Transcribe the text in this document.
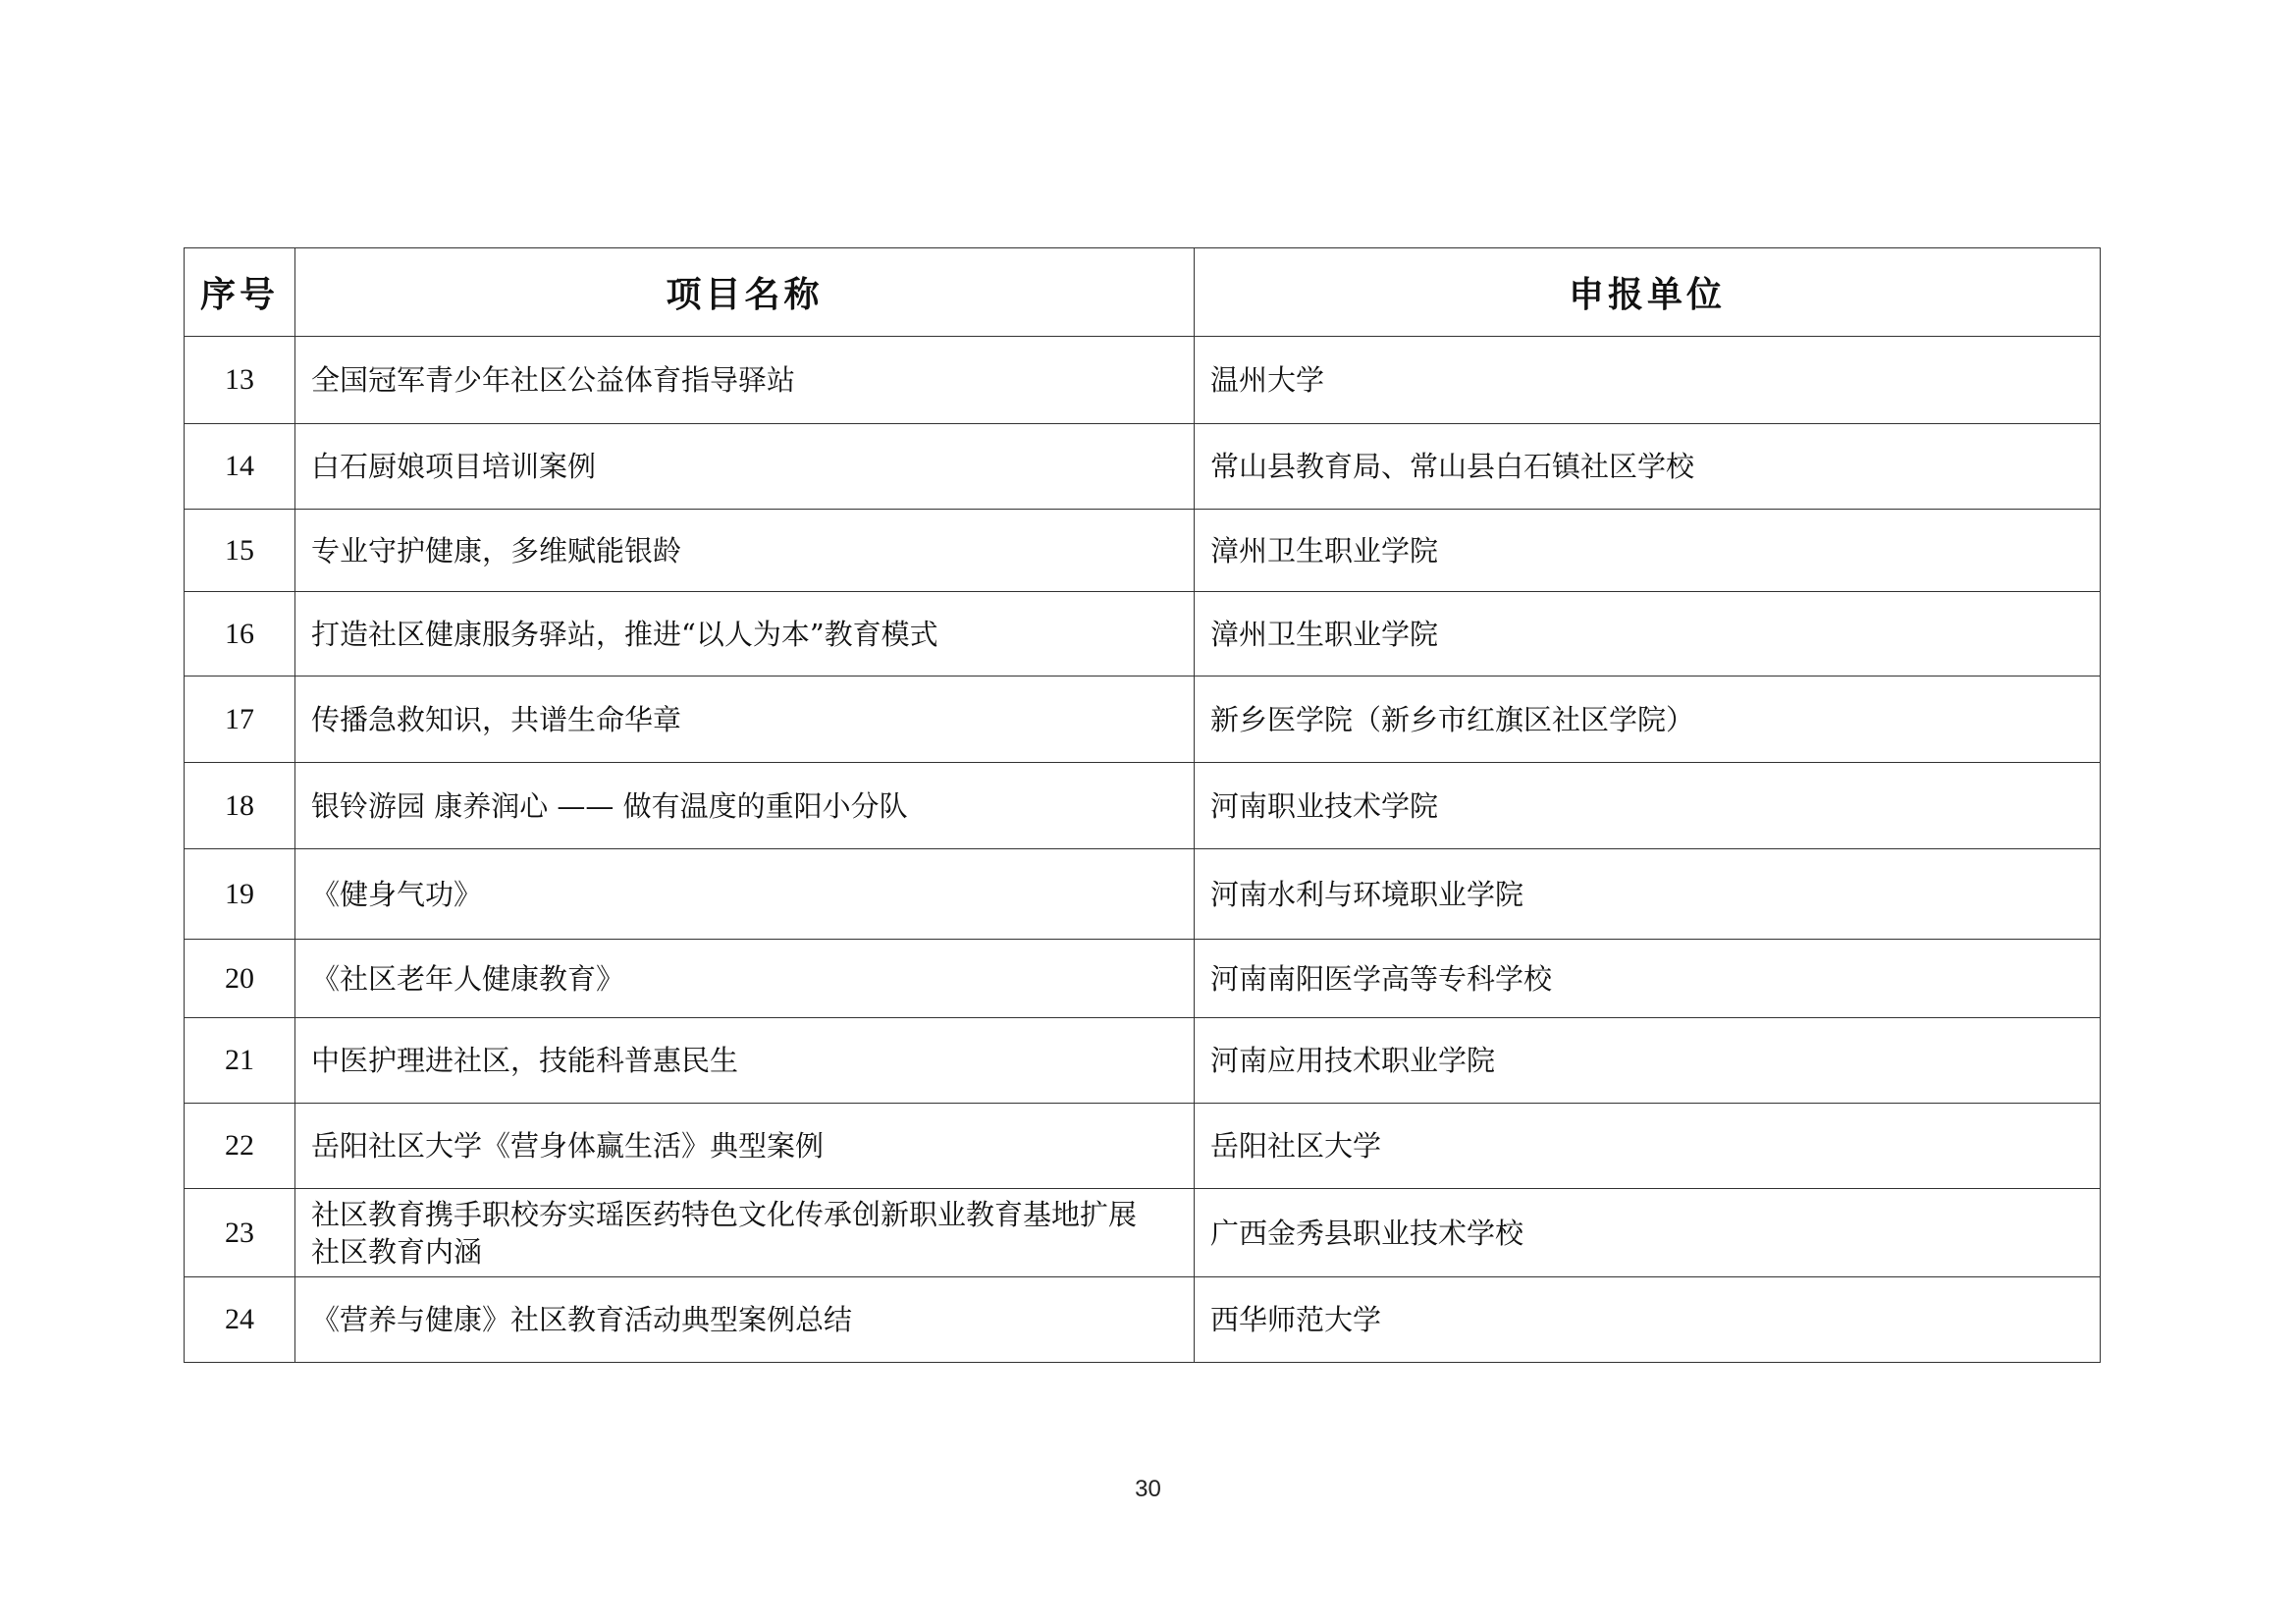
序号	项目名称	申报单位
13	全国冠军青少年社区公益体育指导驿站	温州大学
14	白石厨娘项目培训案例	常山县教育局、常山县白石镇社区学校
15	专业守护健康，多维赋能银龄	漳州卫生职业学院
16	打造社区健康服务驿站，推进“以人为本”教育模式	漳州卫生职业学院
17	传播急救知识，共谱生命华章	新乡医学院（新乡市红旗区社区学院）
18	银铃游园 康养润心 —— 做有温度的重阳小分队	河南职业技术学院
19	《健身气功》	河南水利与环境职业学院
20	《社区老年人健康教育》	河南南阳医学高等专科学校
21	中医护理进社区，技能科普惠民生	河南应用技术职业学院
22	岳阳社区大学《营身体赢生活》典型案例	岳阳社区大学
23	社区教育携手职校夯实瑶医药特色文化传承创新职业教育基地扩展社区教育内涵	广西金秀县职业技术学校
24	《营养与健康》社区教育活动典型案例总结	西华师范大学
30
